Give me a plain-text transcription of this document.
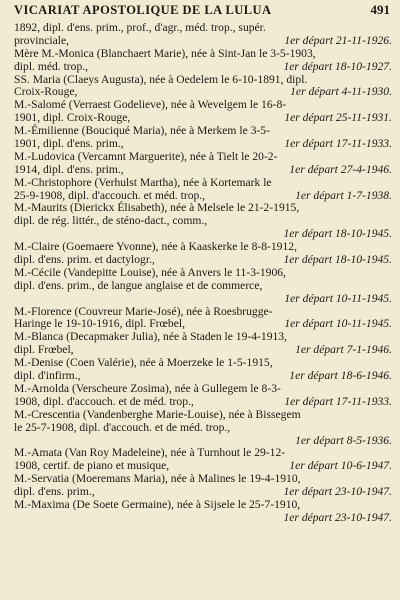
VICARIAT APOSTOLIQUE DE LA LULUA	491
1892, dipl. d'ens. prim., prof., d'agr., méd. trop., supér.
provinciale,	1er départ 21-11-1926.
Mère M.-Monica (Blanchaert Marie), née à Sint-Jan le 3-5-1903,
dipl. méd. trop.,	1er départ 18-10-1927.
SS. Maria (Claeys Augusta), née à Oedelem le 6-10-1891, dipl.
Croix-Rouge,	1er départ 4-11-1930.
M.-Salomé (Verraest Godelieve), née à Wevelgem le 16-8-
1901, dipl. Croix-Rouge,	1er départ 25-11-1931.
M.-Émilienne (Bouciqué Maria), née à Merkem le 3-5-
1901, dipl. d'ens. prim.,	1er départ 17-11-1933.
M.-Ludovica (Vercamnt Marguerite), née à Tielt le 20-2-
1914, dipl. d'ens. prim.,	1er départ 27-4-1946.
M.-Christophore (Verhulst Martha), née à Kortemark le
25-9-1908, dipl. d'accouch. et méd. trop.,	1er départ 1-7-1938.
M.-Maurits (Dierickx Élisabeth), née à Melsele le 21-2-1915,
dipl. de rég. littér., de sténo-dact., comm.,
1er départ 18-10-1945.
M.-Claire (Goemaere Yvonne), née à Kaaskerke le 8-8-1912,
dipl. d'ens. prim. et dactylogr.,	1er départ 18-10-1945.
M.-Cécile (Vandepitte Louise), née à Anvers le 11-3-1906,
dipl. d'ens. prim., de langue anglaise et de commerce,
1er départ 10-11-1945.
M.-Florence (Couvreur Marie-José), née à Roesbrugge-
Haringe le 19-10-1916, dipl. Frœbel,	1er départ 10-11-1945.
M.-Blanca (Decapmaker Julia), née à Staden le 19-4-1913,
dipl. Frœbel,	1er départ 7-1-1946.
M.-Denise (Coen Valérie), née à Moerzeke le 1-5-1915,
dipl. d'infirm.,	1er départ 18-6-1946.
M.-Arnolda (Verscheure Zosima), née à Gullegem le 8-3-
1908, dipl. d'accouch. et de méd. trop.,	1er départ 17-11-1933.
M.-Crescentia (Vandenberghe Marie-Louise), née à Bissegem
le 25-7-1908, dipl. d'accouch. et de méd. trop.,
1er départ 8-5-1936.
M.-Amata (Van Roy Madeleine), née à Turnhout le 29-12-
1908, certif. de piano et musique,	1er départ 10-6-1947.
M.-Servatia (Moeremans Maria), née à Malines le 19-4-1910,
dipl. d'ens. prim.,	1er départ 23-10-1947.
M.-Maxima (De Soete Germaine), née à Sijsele le 25-7-1910,
1er départ 23-10-1947.
